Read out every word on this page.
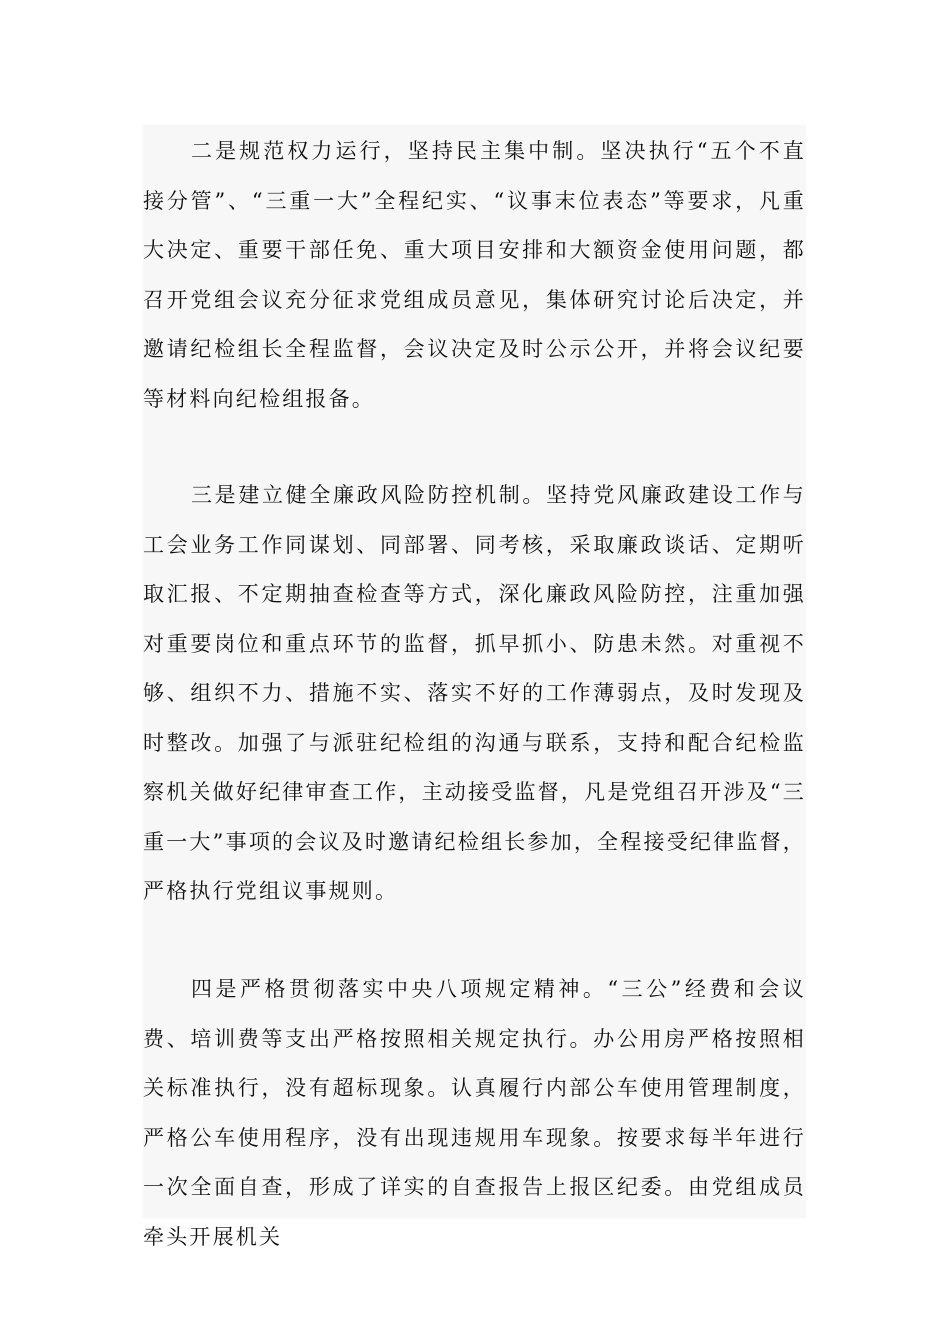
二是规范权力运行，坚持民主集中制。坚决执行“五个不直接分管”、“三重一大”全程纪实、“议事末位表态”等要求，凡重大决定、重要干部任免、重大项目安排和大额资金使用问题，都召开党组会议充分征求党组成员意见，集体研究讨论后决定，并邀请纪检组长全程监督，会议决定及时公示公开，并将会议纪要等材料向纪检组报备。

三是建立健全廉政风险防控机制。坚持党风廉政建设工作与工会业务工作同谋划、同部署、同考核，采取廉政谈话、定期听取汇报、不定期抽查检查等方式，深化廉政风险防控，注重加强对重要岗位和重点环节的监督，抓早抓小、防患未然。对重视不够、组织不力、措施不实、落实不好的工作薄弱点，及时发现及时整改。加强了与派驻纪检组的沟通与联系，支持和配合纪检监察机关做好纪律审查工作，主动接受监督，凡是党组召开涉及“三重一大”事项的会议及时邀请纪检组长参加，全程接受纪律监督，严格执行党组议事规则。

四是严格贯彻落实中央八项规定精神。“三公”经费和会议费、培训费等支出严格按照相关规定执行。办公用房严格按照相关标准执行，没有超标现象。认真履行内部公车使用管理制度，严格公车使用程序，没有出现违规用车现象。按要求每半年进行一次全面自查，形成了详实的自查报告上报区纪委。由党组成员牵头开展机关
